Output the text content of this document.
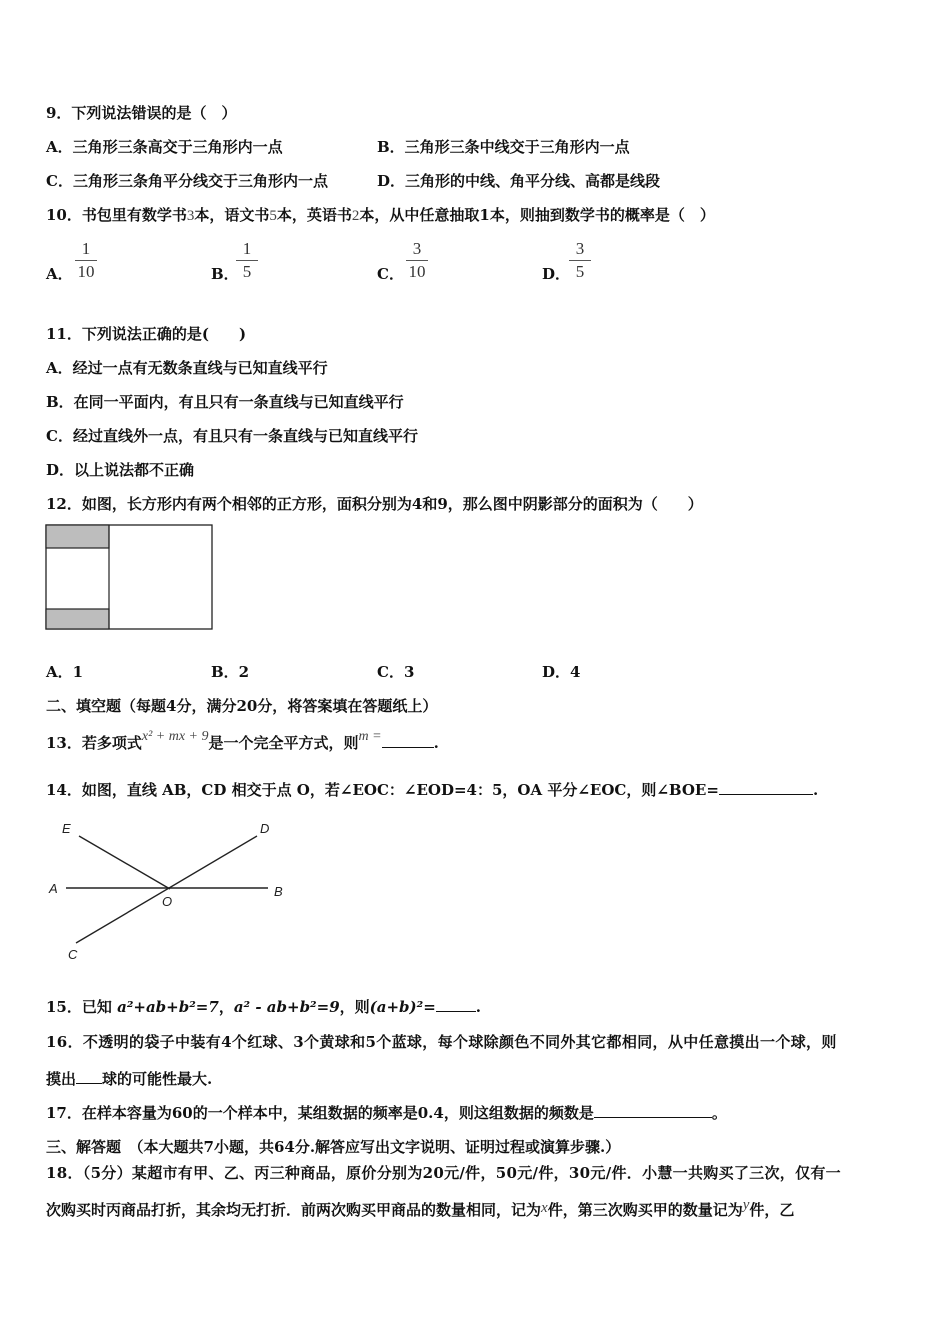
9．下列说法错误的是（　）
A．三角形三条高交于三角形内一点	B．三角形三条中线交于三角形内一点
C．三角形三条角平分线交于三角形内一点	D．三角形的中线、角平分线、高都是线段
10．书包里有数学书3本，语文书5本，英语书2本，从中任意抽取1本，则抽到数学书的概率是（　）
A．
1
10	B．
1
5	C．
3
10	D．
3
5
11．下列说法正确的是(　　)
A．经过一点有无数条直线与已知直线平行
B．在同一平面内，有且只有一条直线与已知直线平行
C．经过直线外一点，有且只有一条直线与已知直线平行
D．以上说法都不正确
12．如图，长方形内有两个相邻的正方形，面积分别为4和9，那么图中阴影部分的面积为（　　）
A．1	B．2	C．3	D．4
二、填空题（每题4分，满分20分，将答案填在答题纸上）
13．若多项式x² + mx + 9是一个完全平方式，则m =	.
14．如图，直线 AB，CD 相交于点 O，若∠EOC：∠EOD=4：5，OA 平分∠EOC，则∠BOE=	.
E	D
A	B
O
C
15．已知 a²+ab+b²=7，a² - ab+b²=9，则(a+b)²=	.
16．不透明的袋子中装有4个红球、3个黄球和5个蓝球，每个球除颜色不同外其它都相同，从中任意摸出一个球，则
摸出 球的可能性最大.
17．在样本容量为60的一个样本中，某组数据的频率是0.4，则这组数据的频数是	。
三、解答题　（本大题共7小题，共64分.解答应写出文字说明、证明过程或演算步骤.）
18．（5分）某超市有甲、乙、丙三种商品，原价分别为20元/件，50元/件，30元/件．小慧一共购买了三次，仅有一
次购买时丙商品打折，其余均无打折．前两次购买甲商品的数量相同，记为x件，第三次购买甲的数量记为y件，乙
